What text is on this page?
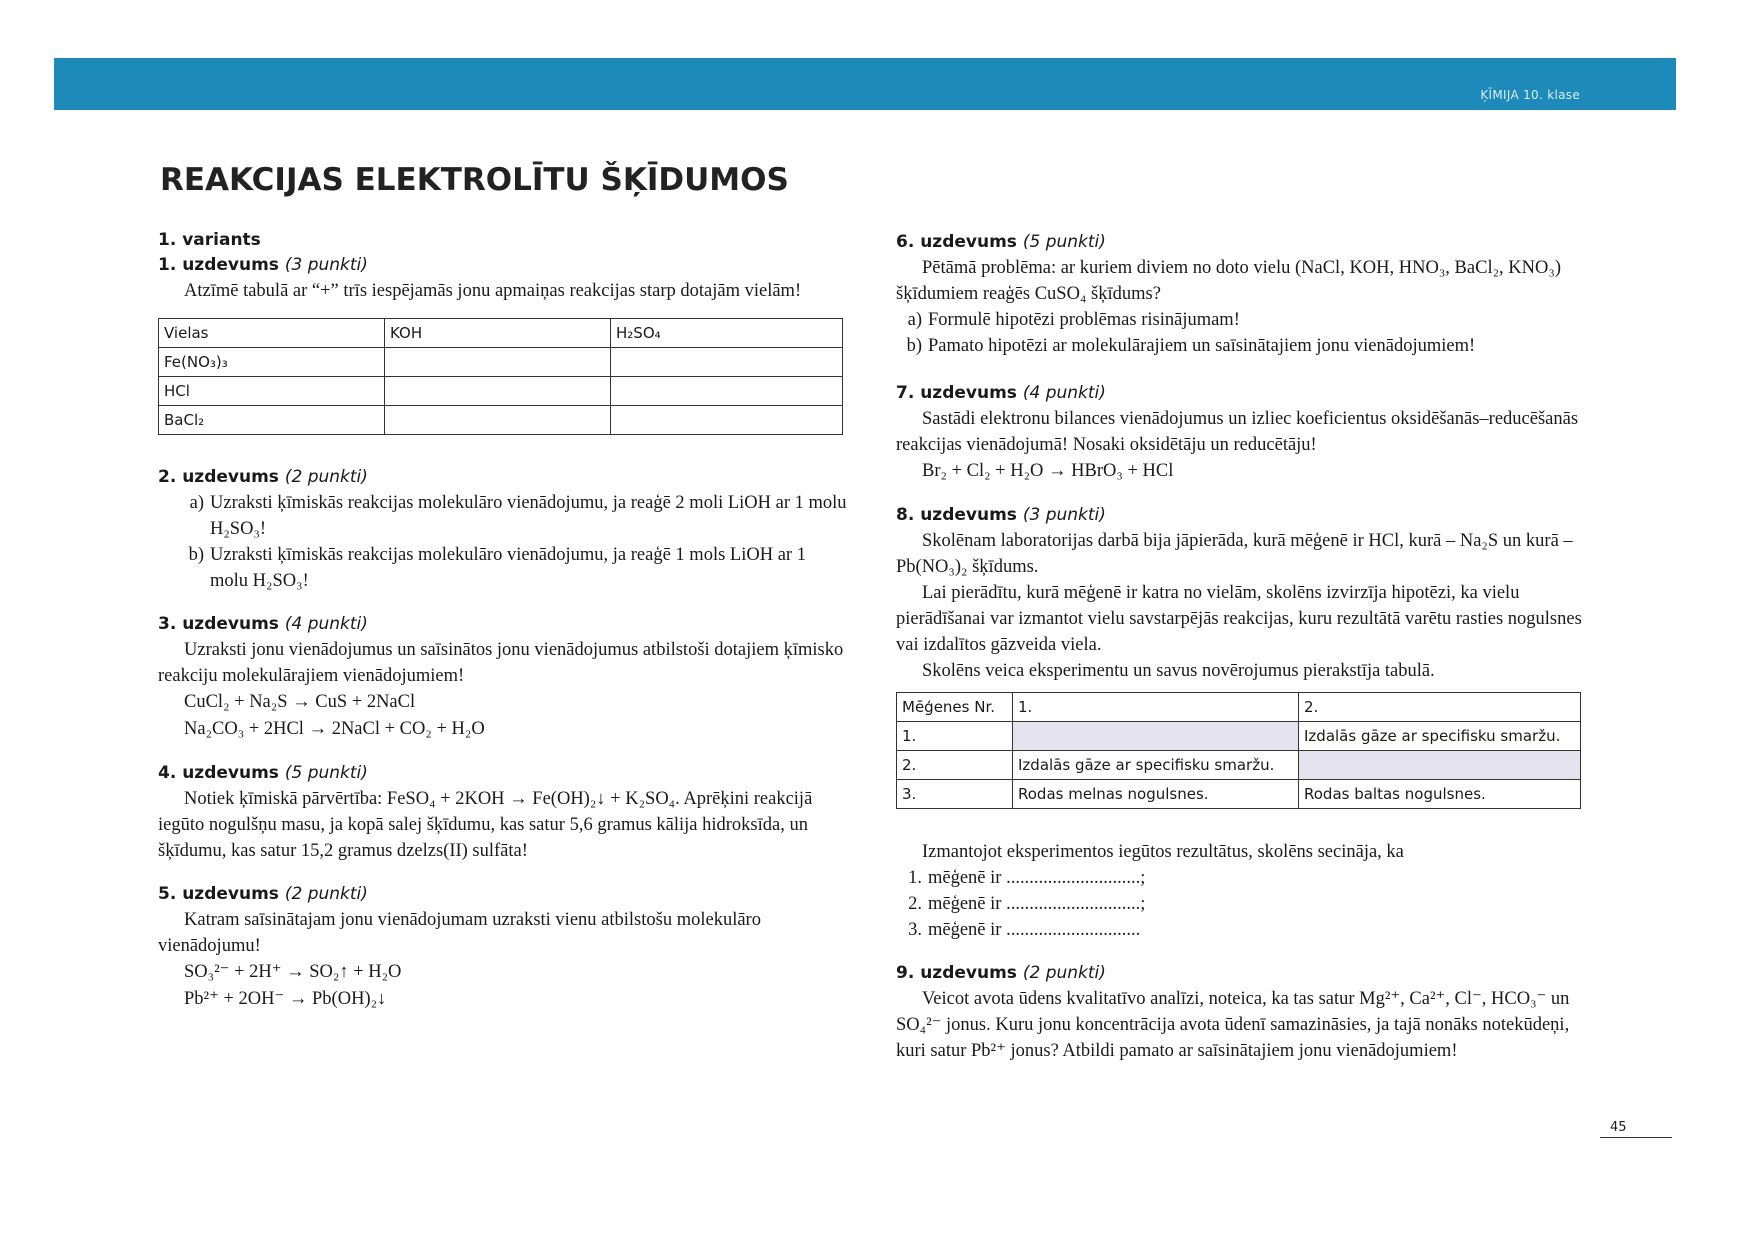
ĶĪMIJA 10. klase
REAKCIJAS ELEKTROLĪTU ŠĶĪDUMOS

1. variants

1. uzdevums (3 punkti)

Atzīmē tabulā ar “+” trīs iespējamās jonu apmaiņas reakcijas starp dotajām vielām!

Vielas	KOH	H₂SO₄
Fe(NO₃)₃		
HCl		
BaCl₂		

2. uzdevums (2 punkti)

a) Uzraksti ķīmiskās reakcijas molekulāro vienādojumu, ja reaģē 2 moli LiOH ar 1 molu H₂SO₃!
b) Uzraksti ķīmiskās reakcijas molekulāro vienādojumu, ja reaģē 1 mols LiOH ar 1 molu H₂SO₃!

3. uzdevums (4 punkti)

Uzraksti jonu vienādojumus un saīsinātos jonu vienādojumus atbilstoši dotajiem ķīmisko reakciju molekulārajiem vienādojumiem!

CuCl₂ + Na₂S → CuS + 2NaCl
Na₂CO₃ + 2HCl → 2NaCl + CO₂ + H₂O

4. uzdevums (5 punkti)

Notiek ķīmiskā pārvērtība: FeSO₄ + 2KOH → Fe(OH)₂↓ + K₂SO₄. Aprēķini reakcijā iegūto nogulšņu masu, ja kopā salej šķīdumu, kas satur 5,6 gramus kālija hidroksīda, un šķīdumu, kas satur 15,2 gramus dzelzs(II) sulfāta!

5. uzdevums (2 punkti)

Katram saīsinātajam jonu vienādojumam uzraksti vienu atbilstošu molekulāro vienādojumu!

SO₃²⁻ + 2H⁺ → SO₂↑ + H₂O
Pb²⁺ + 2OH⁻ → Pb(OH)₂↓

6. uzdevums (5 punkti)

Pētāmā problēma: ar kuriem diviem no doto vielu (NaCl, KOH, HNO₃, BaCl₂, KNO₃) šķīdumiem reaģēs CuSO₄ šķīdums?

a) Formulē hipotēzi problēmas risinājumam!
b) Pamato hipotēzi ar molekulārajiem un saīsinātajiem jonu vienādojumiem!

7. uzdevums (4 punkti)

Sastādi elektronu bilances vienādojumus un izliec koeficientus oksidēšanās–reducēšanās reakcijas vienādojumā! Nosaki oksidētāju un reducētāju!

Br₂ + Cl₂ + H₂O → HBrO₃ + HCl

8. uzdevums (3 punkti)

Skolēnam laboratorijas darbā bija jāpierāda, kurā mēģenē ir HCl, kurā – Na₂S un kurā – Pb(NO₃)₂ šķīdums.

Lai pierādītu, kurā mēģenē ir katra no vielām, skolēns izvirzīja hipotēzi, ka vielu pierādīšanai var izmantot vielu savstarpējās reakcijas, kuru rezultātā varētu rasties nogulsnes vai izdalītos gāzveida viela.

Skolēns veica eksperimentu un savus novērojumus pierakstīja tabulā.

Mēģenes Nr.	1.	2.
1.		Izdalās gāze ar specifisku smaržu.
2.	Izdalās gāze ar specifisku smaržu.	
3.	Rodas melnas nogulsnes.	Rodas baltas nogulsnes.

Izmantojot eksperimentos iegūtos rezultātus, skolēns secināja, ka

1. mēģenē ir .............................;
2. mēģenē ir .............................;
3. mēģenē ir .............................

9. uzdevums (2 punkti)

Veicot avota ūdens kvalitatīvo analīzi, noteica, ka tas satur Mg²⁺, Ca²⁺, Cl⁻, HCO₃⁻ un SO₄²⁻ jonus. Kuru jonu koncentrācija avota ūdenī samazināsies, ja tajā nonāks notekūdeņi, kuri satur Pb²⁺ jonus? Atbildi pamato ar saīsinātajiem jonu vienādojumiem!

45
